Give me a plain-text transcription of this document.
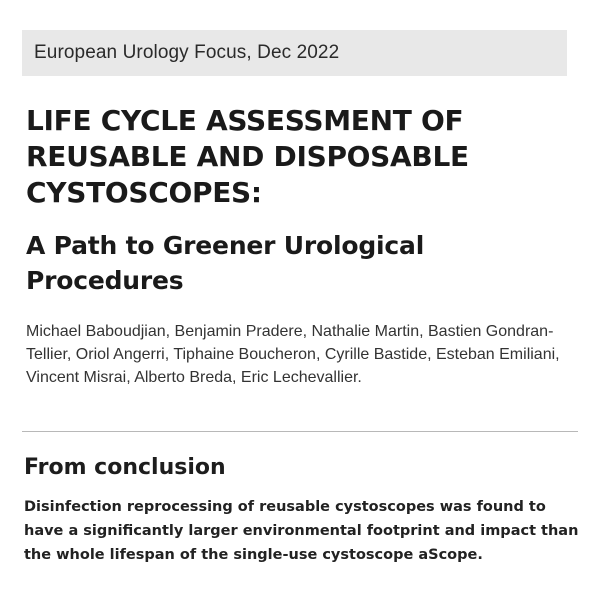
European Urology Focus, Dec 2022
LIFE CYCLE ASSESSMENT OF REUSABLE AND DISPOSABLE CYSTOSCOPES:
A Path to Greener Urological Procedures

Michael Baboudjian, Benjamin Pradere, Nathalie Martin, Bastien Gondran-Tellier, Oriol Angerri, Tiphaine Boucheron, Cyrille Bastide, Esteban Emiliani, Vincent Misrai, Alberto Breda, Eric Lechevallier.

From conclusion

Disinfection reprocessing of reusable cystoscopes was found to have a significantly larger environmental footprint and impact than the whole lifespan of the single-use cystoscope aScope.
